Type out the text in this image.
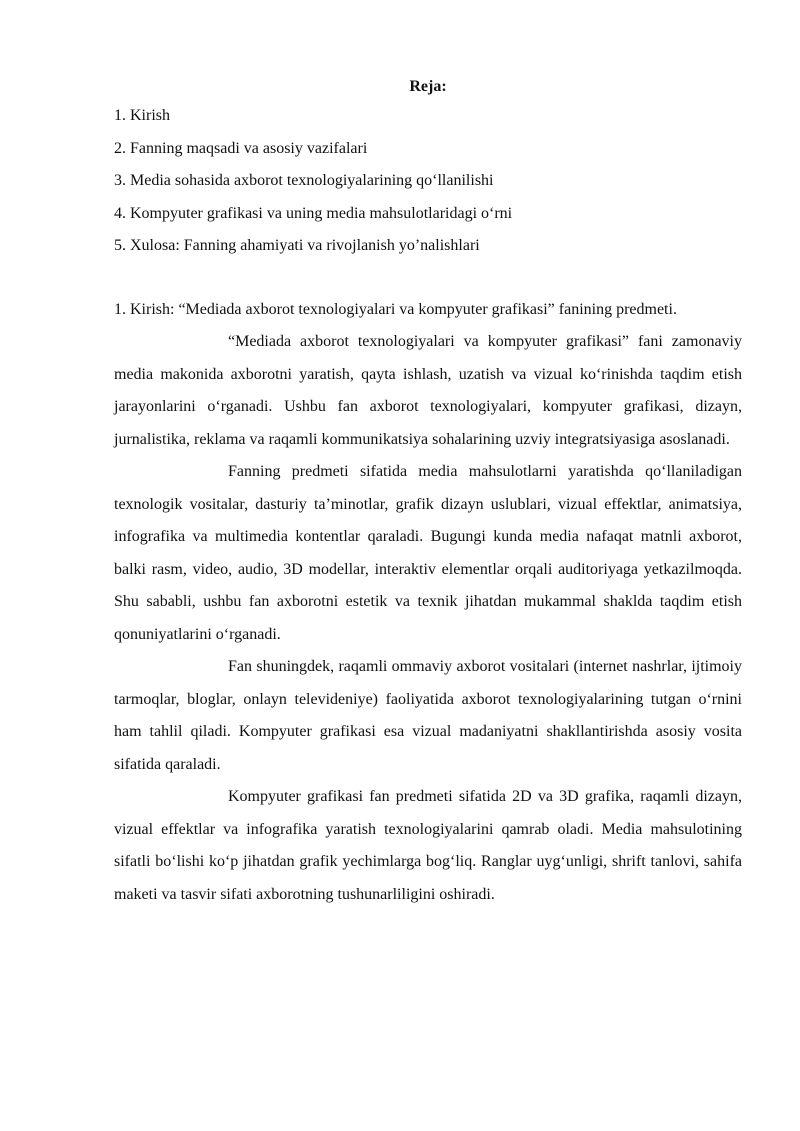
Reja:

1. Kirish
2. Fanning maqsadi va asosiy vazifalari
3. Media sohasida axborot texnologiyalarining qo‘llanilishi
4. Kompyuter grafikasi va uning media mahsulotlaridagi o‘rni
5. Xulosa: Fanning ahamiyati va rivojlanish yo’nalishlari

1. Kirish: “Mediada axborot texnologiyalari va kompyuter grafikasi” fanining predmeti.

“Mediada axborot texnologiyalari va kompyuter grafikasi” fani zamonaviy media makonida axborotni yaratish, qayta ishlash, uzatish va vizual ko‘rinishda taqdim etish jarayonlarini o‘rganadi. Ushbu fan axborot texnologiyalari, kompyuter grafikasi, dizayn, jurnalistika, reklama va raqamli kommunikatsiya sohalarining uzviy integratsiyasiga asoslanadi.

Fanning predmeti sifatida media mahsulotlarni yaratishda qo‘llaniladigan texnologik vositalar, dasturiy ta’minotlar, grafik dizayn uslublari, vizual effektlar, animatsiya, infografika va multimedia kontentlar qaraladi. Bugungi kunda media nafaqat matnli axborot, balki rasm, video, audio, 3D modellar, interaktiv elementlar orqali auditoriyaga yetkazilmoqda. Shu sababli, ushbu fan axborotni estetik va texnik jihatdan mukammal shaklda taqdim etish qonuniyatlarini o‘rganadi.

Fan shuningdek, raqamli ommaviy axborot vositalari (internet nashrlar, ijtimoiy tarmoqlar, bloglar, onlayn televideniye) faoliyatida axborot texnologiyalarining tutgan o‘rnini ham tahlil qiladi. Kompyuter grafikasi esa vizual madaniyatni shakllantirishda asosiy vosita sifatida qaraladi.

Kompyuter grafikasi fan predmeti sifatida 2D va 3D grafika, raqamli dizayn, vizual effektlar va infografika yaratish texnologiyalarini qamrab oladi. Media mahsulotining sifatli bo‘lishi ko‘p jihatdan grafik yechimlarga bog‘liq. Ranglar uyg‘unligi, shrift tanlovi, sahifa maketi va tasvir sifati axborotning tushunarliligini oshiradi.
